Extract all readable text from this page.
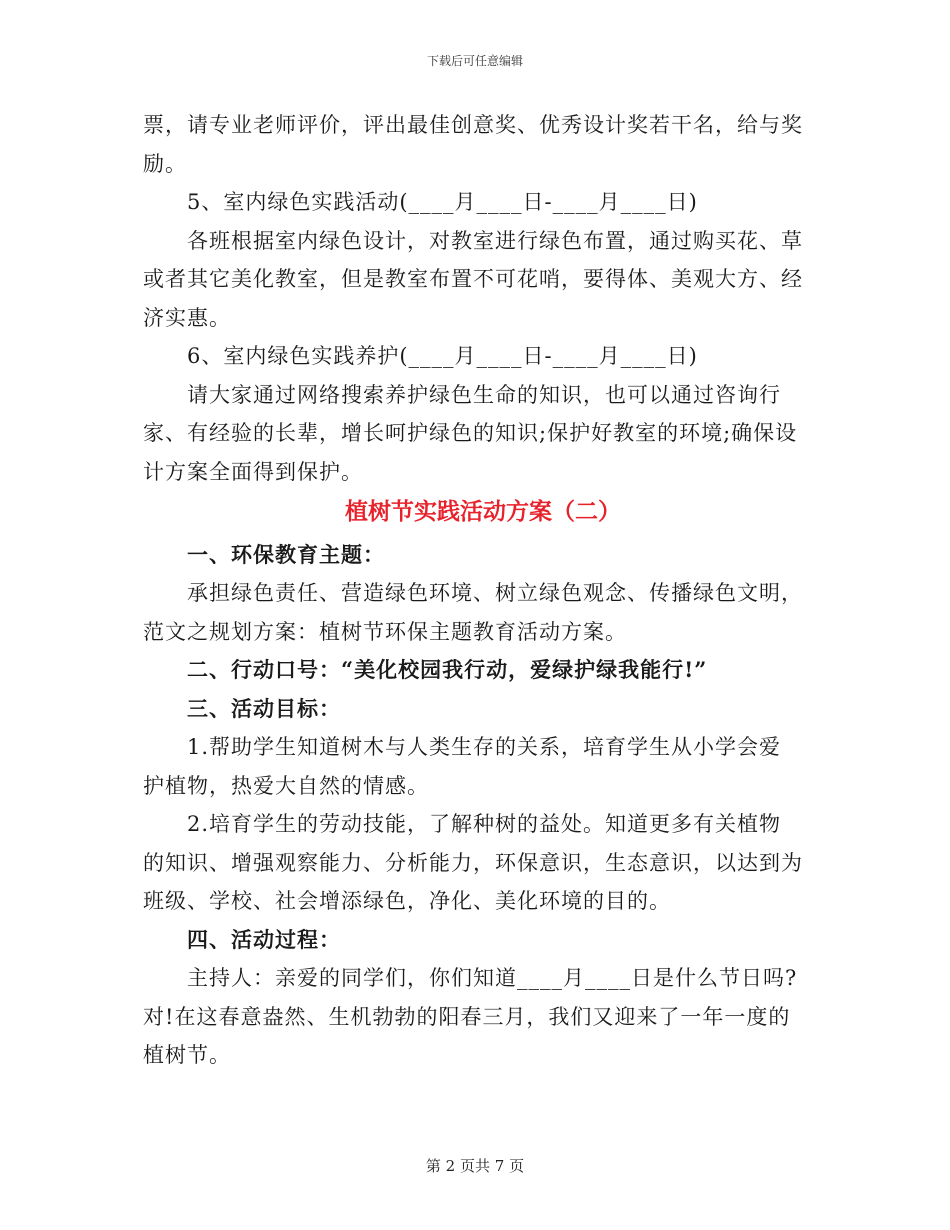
下载后可任意编辑

票，请专业老师评价，评出最佳创意奖、优秀设计奖若干名，给与奖励。

5、室内绿色实践活动(____月____日-____月____日)

各班根据室内绿色设计，对教室进行绿色布置，通过购买花、草或者其它美化教室，但是教室布置不可花哨，要得体、美观大方、经济实惠。

6、室内绿色实践养护(____月____日-____月____日)

请大家通过网络搜索养护绿色生命的知识，也可以通过咨询行家、有经验的长辈，增长呵护绿色的知识;保护好教室的环境;确保设计方案全面得到保护。

植树节实践活动方案（二）

一、环保教育主题：

承担绿色责任、营造绿色环境、树立绿色观念、传播绿色文明，范文之规划方案：植树节环保主题教育活动方案。

二、行动口号：“美化校园我行动，爱绿护绿我能行!”

三、活动目标：

1.帮助学生知道树木与人类生存的关系，培育学生从小学会爱护植物，热爱大自然的情感。

2.培育学生的劳动技能，了解种树的益处。知道更多有关植物的知识、增强观察能力、分析能力，环保意识，生态意识，以达到为班级、学校、社会增添绿色，净化、美化环境的目的。

四、活动过程：

主持人：亲爱的同学们，你们知道____月____日是什么节日吗?对!在这春意盎然、生机勃勃的阳春三月，我们又迎来了一年一度的植树节。

第 2 页共 7 页
